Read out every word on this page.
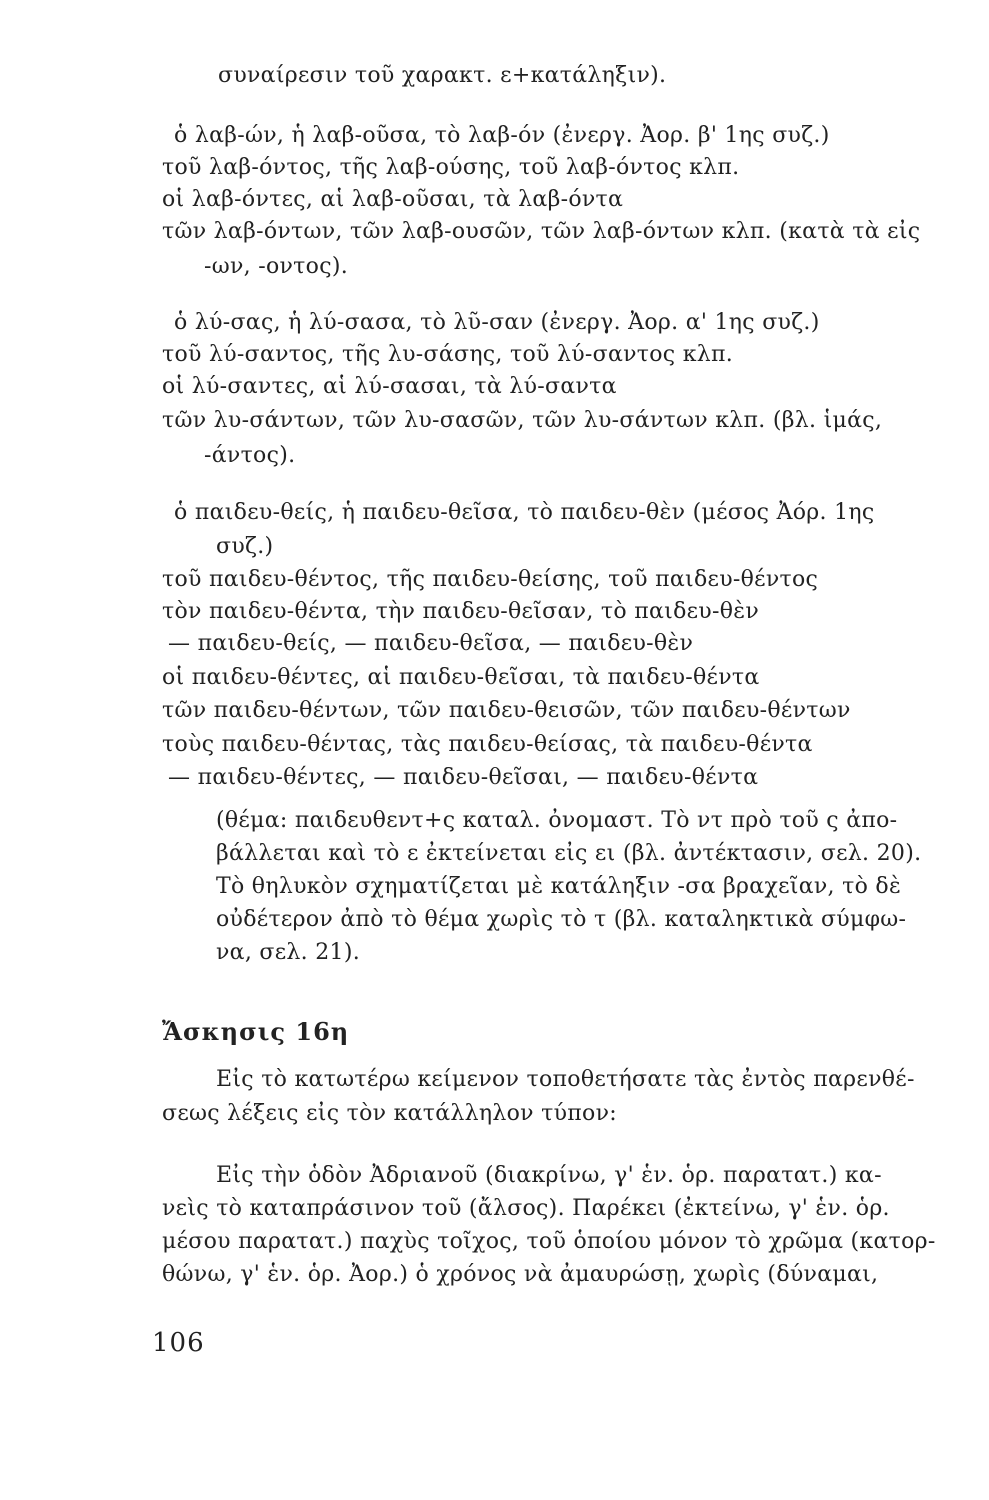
συναίρεσιν τοῦ χαρακτ. ε+κατάληξιν).
ὁ λαβ-ών, ἡ λαβ-οῦσα, τὸ λαβ-όν (ἐνεργ. Ἀορ. β' 1ης συζ.)
τοῦ λαβ-όντος, τῆς λαβ-ούσης, τοῦ λαβ-όντος κλπ.
οἱ λαβ-όντες, αἱ λαβ-οῦσαι, τὰ λαβ-όντα
τῶν λαβ-όντων, τῶν λαβ-ουσῶν, τῶν λαβ-όντων κλπ. (κατὰ τὰ εἰς
-ων, -οντος).
ὁ λύ-σας, ἡ λύ-σασα, τὸ λῦ-σαν (ἐνεργ. Ἀορ. α' 1ης συζ.)
τοῦ λύ-σαντος, τῆς λυ-σάσης, τοῦ λύ-σαντος κλπ.
οἱ λύ-σαντες, αἱ λύ-σασαι, τὰ λύ-σαντα
τῶν λυ-σάντων, τῶν λυ-σασῶν, τῶν λυ-σάντων κλπ. (βλ. ἱμάς,
-άντος).
ὁ παιδευ-θείς, ἡ παιδευ-θεῖσα, τὸ παιδευ-θὲν (μέσος Ἀόρ. 1ης
συζ.)
τοῦ παιδευ-θέντος, τῆς παιδευ-θείσης, τοῦ παιδευ-θέντος
τὸν παιδευ-θέντα, τὴν παιδευ-θεῖσαν, τὸ παιδευ-θὲν
— παιδευ-θείς, — παιδευ-θεῖσα, — παιδευ-θὲν
οἱ παιδευ-θέντες, αἱ παιδευ-θεῖσαι, τὰ παιδευ-θέντα
τῶν παιδευ-θέντων, τῶν παιδευ-θεισῶν, τῶν παιδευ-θέντων
τοὺς παιδευ-θέντας, τὰς παιδευ-θείσας, τὰ παιδευ-θέντα
— παιδευ-θέντες, — παιδευ-θεῖσαι, — παιδευ-θέντα
(θέμα: παιδευθεντ+ς καταλ. ὀνομαστ. Τὸ ντ πρὸ τοῦ ς ἀπο-
βάλλεται καὶ τὸ ε ἐκτείνεται εἰς ει (βλ. ἀντέκτασιν, σελ. 20).
Τὸ θηλυκὸν σχηματίζεται μὲ κατάληξιν -σα βραχεῖαν, τὸ δὲ
οὐδέτερον ἀπὸ τὸ θέμα χωρὶς τὸ τ (βλ. καταληκτικὰ σύμφω-
να, σελ. 21).
Ἄσκησις 16η
Εἰς τὸ κατωτέρω κείμενον τοποθετήσατε τὰς ἐντὸς παρενθέ-
σεως λέξεις εἰς τὸν κατάλληλον τύπον:
Εἰς τὴν ὁδὸν Ἀδριανοῦ (διακρίνω, γ' ἑν. ὁρ. παρατατ.) κα-
νεὶς τὸ καταπράσινον τοῦ (ἄλσος). Παρέκει (ἐκτείνω, γ' ἑν. ὁρ.
μέσου παρατατ.) παχὺς τοῖχος, τοῦ ὁποίου μόνον τὸ χρῶμα (κατορ-
θώνω, γ' ἑν. ὁρ. Ἀορ.) ὁ χρόνος νὰ ἀμαυρώσῃ, χωρὶς (δύναμαι,
106
